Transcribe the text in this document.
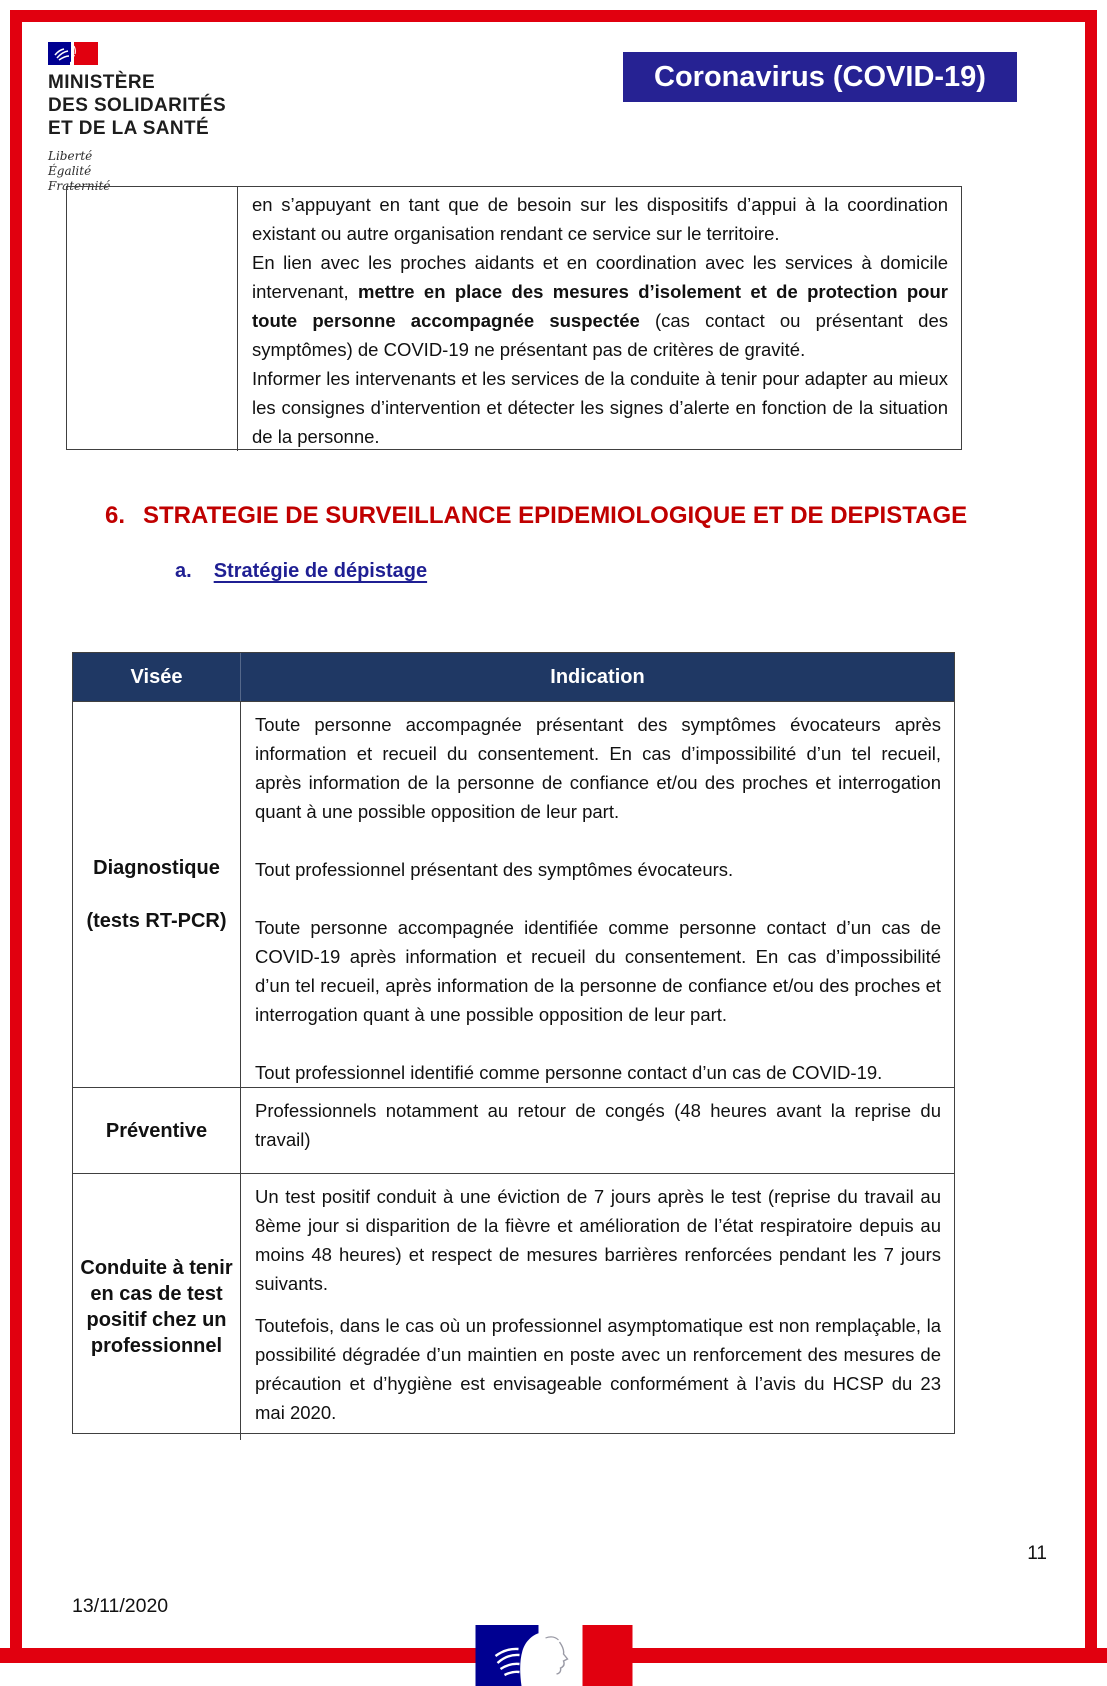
MINISTÈRE
DES SOLIDARITÉS
ET DE LA SANTÉ
Liberté
Égalité
Fraternité
Coronavirus (COVID-19)

en s’appuyant en tant que de besoin sur les dispositifs d’appui à la coordination existant ou autre organisation rendant ce service sur le territoire.

En lien avec les proches aidants et en coordination avec les services à domicile intervenant, mettre en place des mesures d’isolement et de protection pour toute personne accompagnée suspectée (cas contact ou présentant des symptômes) de COVID-19 ne présentant pas de critères de gravité.

Informer les intervenants et les services de la conduite à tenir pour adapter au mieux les consignes d’intervention et détecter les signes d’alerte en fonction de la situation de la personne.

6. STRATEGIE DE SURVEILLANCE EPIDEMIOLOGIQUE ET DE DEPISTAGE
a. Stratégie de dépistage
Visée	Indication
Diagnostique
(tests RT-PCR)

Toute personne accompagnée présentant des symptômes évocateurs après information et recueil du consentement. En cas d’impossibilité d’un tel recueil, après information de la personne de confiance et/ou des proches et interrogation quant à une possible opposition de leur part.

Tout professionnel présentant des symptômes évocateurs.

Toute personne accompagnée identifiée comme personne contact d’un cas de COVID-19 après information et recueil du consentement. En cas d’impossibilité d’un tel recueil, après information de la personne de confiance et/ou des proches et interrogation quant à une possible opposition de leur part.

Tout professionnel identifié comme personne contact d’un cas de COVID-19.

Préventive

Professionnels notamment au retour de congés (48 heures avant la reprise du travail)

Conduite à tenir en cas de test positif chez un professionnel

Un test positif conduit à une éviction de 7 jours après le test (reprise du travail au 8ème jour si disparition de la fièvre et amélioration de l’état respiratoire depuis au moins 48 heures) et respect de mesures barrières renforcées pendant les 7 jours suivants.

Toutefois, dans le cas où un professionnel asymptomatique est non remplaçable, la possibilité dégradée d’un maintien en poste avec un renforcement des mesures de précaution et d’hygiène est envisageable conformément à l’avis du HCSP du 23 mai 2020.

11
13/11/2020
